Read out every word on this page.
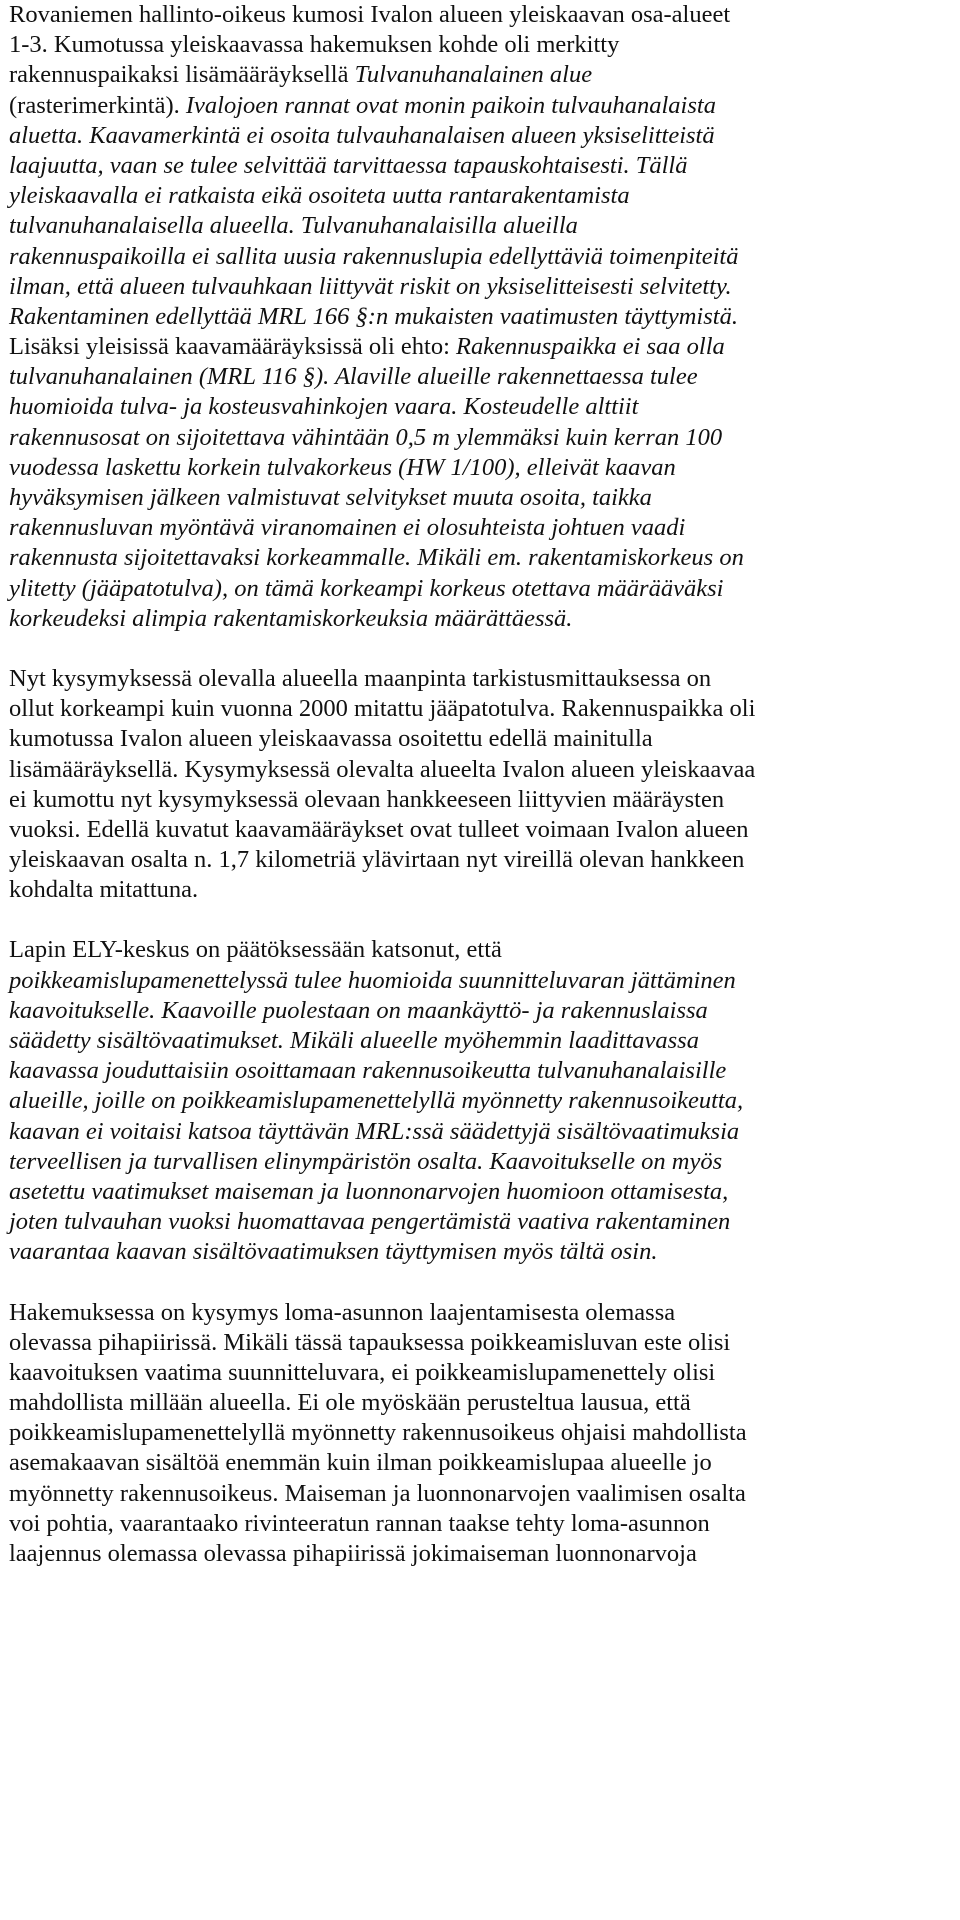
Rovaniemen hallinto-oikeus kumosi Ivalon alueen yleiskaavan osa-alueet
1-3. Kumotussa yleiskaavassa hakemuksen kohde oli merkitty
rakennuspaikaksi lisämääräyksellä Tulvanuhanalainen alue
(rasterimerkintä). Ivalojoen rannat ovat monin paikoin tulvauhanalaista
aluetta. Kaavamerkintä ei osoita tulvauhanalaisen alueen yksiselitteistä
laajuutta, vaan se tulee selvittää tarvittaessa tapauskohtaisesti. Tällä
yleiskaavalla ei ratkaista eikä osoiteta uutta rantarakentamista
tulvanuhanalaisella alueella. Tulvanuhanalaisilla alueilla
rakennuspaikoilla ei sallita uusia rakennuslupia edellyttäviä toimenpiteitä
ilman, että alueen tulvauhkaan liittyvät riskit on yksiselitteisesti selvitetty.
Rakentaminen edellyttää MRL 166 §:n mukaisten vaatimusten täyttymistä.
Lisäksi yleisissä kaavamääräyksissä oli ehto: Rakennuspaikka ei saa olla
tulvanuhanalainen (MRL 116 §). Alaville alueille rakennettaessa tulee
huomioida tulva- ja kosteusvahinkojen vaara. Kosteudelle alttiit
rakennusosat on sijoitettava vähintään 0,5 m ylemmäksi kuin kerran 100
vuodessa laskettu korkein tulvakorkeus (HW 1/100), elleivät kaavan
hyväksymisen jälkeen valmistuvat selvitykset muuta osoita, taikka
rakennusluvan myöntävä viranomainen ei olosuhteista johtuen vaadi
rakennusta sijoitettavaksi korkeammalle. Mikäli em. rakentamiskorkeus on
ylitetty (jääpatotulva), on tämä korkeampi korkeus otettava määrääväksi
korkeudeksi alimpia rakentamiskorkeuksia määrättäessä.
Nyt kysymyksessä olevalla alueella maanpinta tarkistusmittauksessa on
ollut korkeampi kuin vuonna 2000 mitattu jääpatotulva. Rakennuspaikka oli
kumotussa Ivalon alueen yleiskaavassa osoitettu edellä mainitulla
lisämääräyksellä. Kysymyksessä olevalta alueelta Ivalon alueen yleiskaavaa
ei kumottu nyt kysymyksessä olevaan hankkeeseen liittyvien määräysten
vuoksi. Edellä kuvatut kaavamääräykset ovat tulleet voimaan Ivalon alueen
yleiskaavan osalta n. 1,7 kilometriä ylävirtaan nyt vireillä olevan hankkeen
kohdalta mitattuna.
Lapin ELY-keskus on päätöksessään katsonut, että
poikkeamislupamenettelyssä tulee huomioida suunnitteluvaran jättäminen
kaavoitukselle. Kaavoille puolestaan on maankäyttö- ja rakennuslaissa
säädetty sisältövaatimukset. Mikäli alueelle myöhemmin laadittavassa
kaavassa jouduttaisiin osoittamaan rakennusoikeutta tulvanuhanalaisille
alueille, joille on poikkeamislupamenettelyllä myönnetty rakennusoikeutta,
kaavan ei voitaisi katsoa täyttävän MRL:ssä säädettyjä sisältövaatimuksia
terveellisen ja turvallisen elinympäristön osalta. Kaavoitukselle on myös
asetettu vaatimukset maiseman ja luonnonarvojen huomioon ottamisesta,
joten tulvauhan vuoksi huomattavaa pengertämistä vaativa rakentaminen
vaarantaa kaavan sisältövaatimuksen täyttymisen myös tältä osin.
Hakemuksessa on kysymys loma-asunnon laajentamisesta olemassa
olevassa pihapiirissä. Mikäli tässä tapauksessa poikkeamisluvan este olisi
kaavoituksen vaatima suunnitteluvara, ei poikkeamislupamenettely olisi
mahdollista millään alueella. Ei ole myöskään perusteltua lausua, että
poikkeamislupamenettelyllä myönnetty rakennusoikeus ohjaisi mahdollista
asemakaavan sisältöä enemmän kuin ilman poikkeamislupaa alueelle jo
myönnetty rakennusoikeus. Maiseman ja luonnonarvojen vaalimisen osalta
voi pohtia, vaarantaako rivinteeratun rannan taakse tehty loma-asunnon
laajennus olemassa olevassa pihapiirissä jokimaiseman luonnonarvoja
